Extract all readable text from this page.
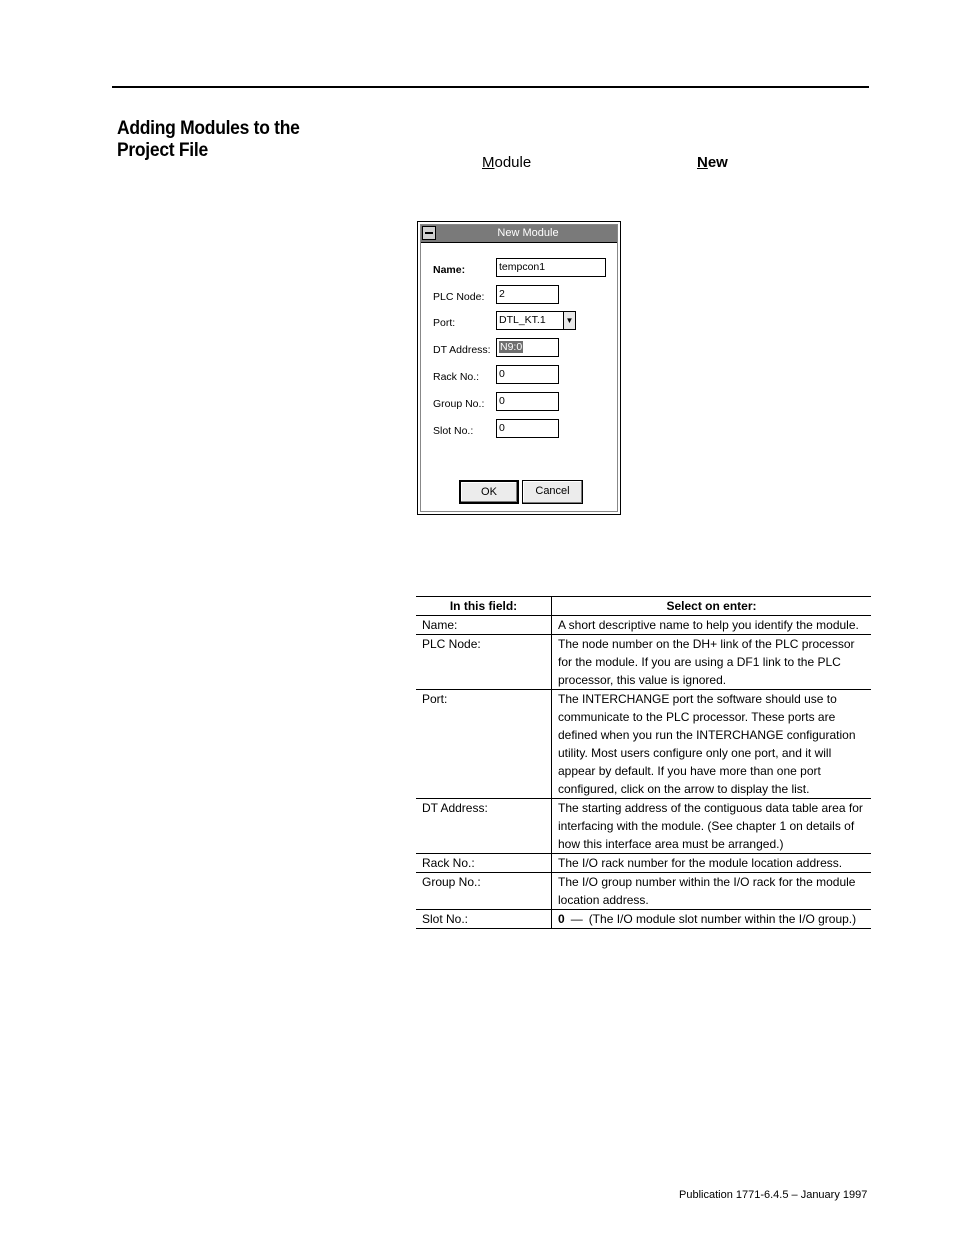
Adding Modules to the
Project File
Module	New
New Module
Name:	tempcon1
PLC Node: 2
Port:	DTL_KT.1	▼
DT Address: N9:0
Rack No.: 0
Group No.: 0
Slot No.: 0
OK	Cancel
In this field:	Select on enter:
Name:	A short descriptive name to help you identify the module.
PLC Node:	The node number on the DH+ link of the PLC processor for the module. If you are using a DF1 link to the PLC processor, this value is ignored.
Port:	The INTERCHANGE port the software should use to communicate to the PLC processor. These ports are defined when you run the INTERCHANGE configuration utility. Most users configure only one port, and it will appear by default. If you have more than one port configured, click on the arrow to display the list.
DT Address:	The starting address of the contiguous data table area for interfacing with the module. (See chapter 1 on details of how this interface area must be arranged.)
Rack No.:	The I/O rack number for the module location address.
Group No.:	The I/O group number within the I/O rack for the module location address.
Slot No.:	0 — (The I/O module slot number within the I/O group.)
Publication 1771-6.4.5 – January 1997
